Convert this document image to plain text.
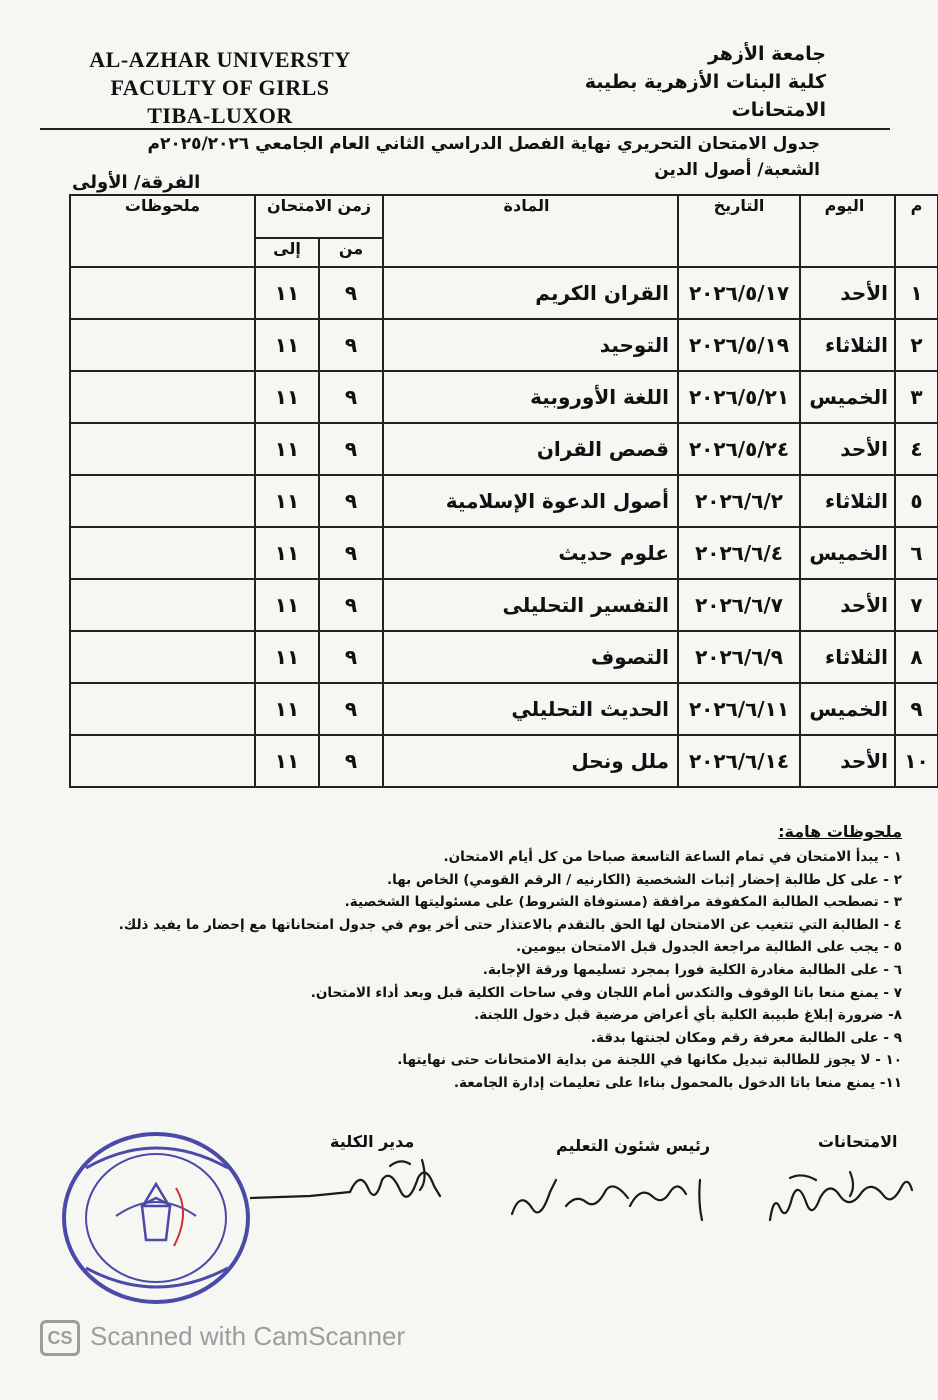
AL-AZHAR UNIVERSTY
FACULTY OF GIRLS
TIBA-LUXOR
جامعة الأزهر
كلية البنات الأزهرية بطيبة
الامتحانات
جدول الامتحان التحريري نهاية الفصل الدراسي الثاني العام الجامعي ٢٠٢٥/٢٠٢٦م
الشعبة/ أصول الدين
الفرقة/ الأولى
م	اليوم	التاريخ	المادة	زمن الامتحان		ملحوظات
				من	إلى	
١	الأحد	٢٠٢٦/٥/١٧	القران الكريم	٩	١١	
٢	الثلاثاء	٢٠٢٦/٥/١٩	التوحيد	٩	١١	
٣	الخميس	٢٠٢٦/٥/٢١	اللغة الأوروبية	٩	١١	
٤	الأحد	٢٠٢٦/٥/٢٤	قصص القران	٩	١١	
٥	الثلاثاء	٢٠٢٦/٦/٢	أصول الدعوة الإسلامية	٩	١١	
٦	الخميس	٢٠٢٦/٦/٤	علوم حديث	٩	١١	
٧	الأحد	٢٠٢٦/٦/٧	التفسير التحليلى	٩	١١	
٨	الثلاثاء	٢٠٢٦/٦/٩	التصوف	٩	١١	
٩	الخميس	٢٠٢٦/٦/١١	الحديث التحليلي	٩	١١	
١٠	الأحد	٢٠٢٦/٦/١٤	ملل ونحل	٩	١١	
ملحوظات هامة:
١ - يبدأ الامتحان في تمام الساعة التاسعة صباحا من كل أيام الامتحان.
٢ - على كل طالبة إحضار إثبات الشخصية (الكارنيه / الرقم القومي) الخاص بها.
٣ - تصطحب الطالبة المكفوفة مرافقة (مستوفاة الشروط) على مسئوليتها الشخصية.
٤ - الطالبة التي تتغيب عن الامتحان لها الحق بالتقدم بالاعتذار حتى أخر يوم في جدول امتحاناتها مع إحضار ما يفيد ذلك.
٥ - يجب على الطالبة مراجعة الجدول قبل الامتحان بيومين.
٦ - على الطالبة مغادرة الكلية فورا بمجرد تسليمها ورقة الإجابة.
٧ - يمنع منعا باتا الوقوف والتكدس أمام اللجان وفي ساحات الكلية قبل وبعد أداء الامتحان.
٨- ضرورة إبلاغ طبيبة الكلية بأي أعراض مرضية قبل دخول اللجنة.
٩ - على الطالبة معرفة رقم ومكان لجنتها بدقة.
١٠ - لا يجوز للطالبة تبديل مكانها في اللجنة من بداية الامتحانات حتى نهايتها.
١١- يمنع منعا باتا الدخول بالمحمول بناءا على تعليمات إدارة الجامعة.
الامتحانات
رئيس شئون التعليم
مدير الكلية
CS Scanned with CamScanner
